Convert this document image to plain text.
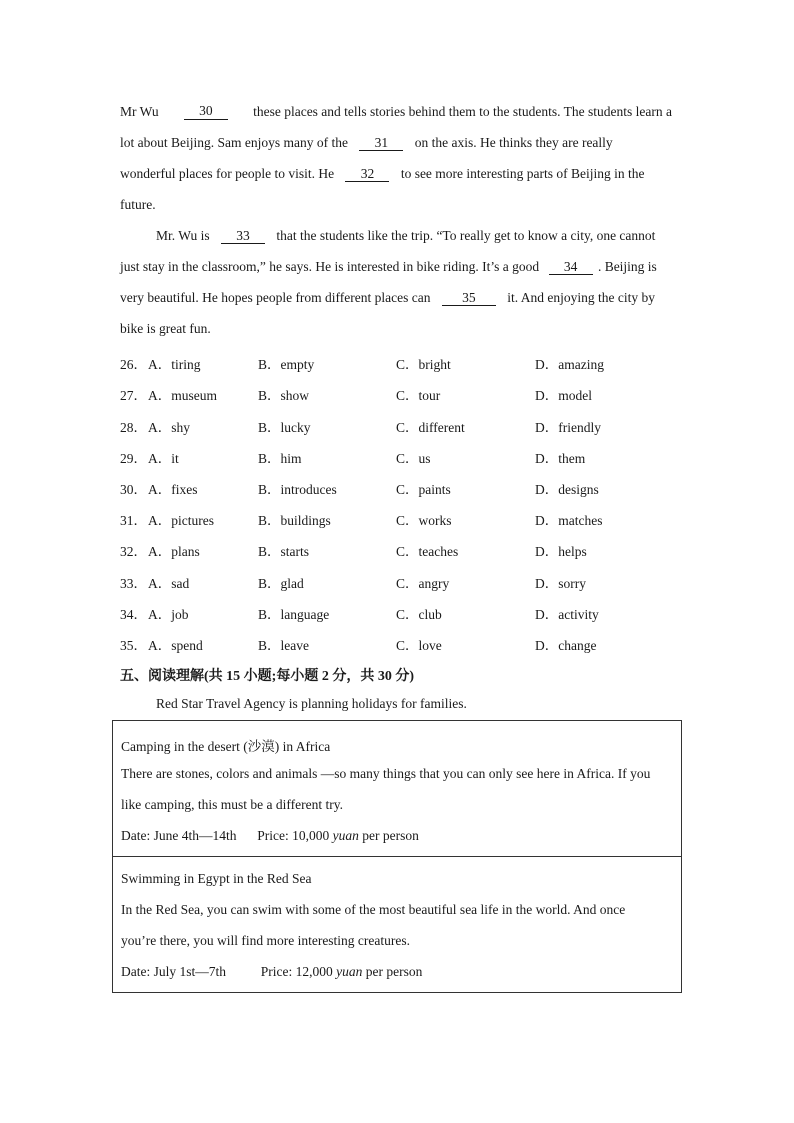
Mr Wu	30	these places and tells stories behind them to the students. The students learn a
lot about Beijing. Sam enjoys many of the 31 on the axis. He thinks they are really
wonderful places for people to visit. He 32 to see more interesting parts of Beijing in the
future.
Mr. Wu is 33 that the students like the trip. “To really get to know a city, one cannot
just stay in the classroom,” he says. He is interested in bike riding. It’s a good 34 . Beijing is
very beautiful. He hopes people from different places can 35 it. And enjoying the city by
bike is great fun.
26． A．tiring	B．empty	C．bright	D．amazing
27． A．museum	B．show	C．tour	D．model
28． A．shy	B．lucky	C．different	D．friendly
29． A．it	B．him	C．us	D．them
30． A．fixes	B．introduces	C．paints	D．designs
31． A．pictures	B．buildings	C．works	D．matches
32． A．plans	B．starts	C．teaches	D．helps
33． A．sad	B．glad	C．angry	D．sorry
34． A．job	B．language	C．club	D．activity
35． A．spend	B．leave	C．love	D．change
五、阅读理解(共 15 小题;每小题 2 分，共 30 分)
Red Star Travel Agency is planning holidays for families.
Camping in the desert (沙漠) in Africa
There are stones, colors and animals —so many things that you can only see here in Africa. If you
like camping, this must be a different try.
Date: June 4th—14th Price: 10,000 yuan per person
Swimming in Egypt in the Red Sea
In the Red Sea, you can swim with some of the most beautiful sea life in the world. And once
you’re there, you will find more interesting creatures.
Date: July 1st—7th	Price: 12,000 yuan per person
